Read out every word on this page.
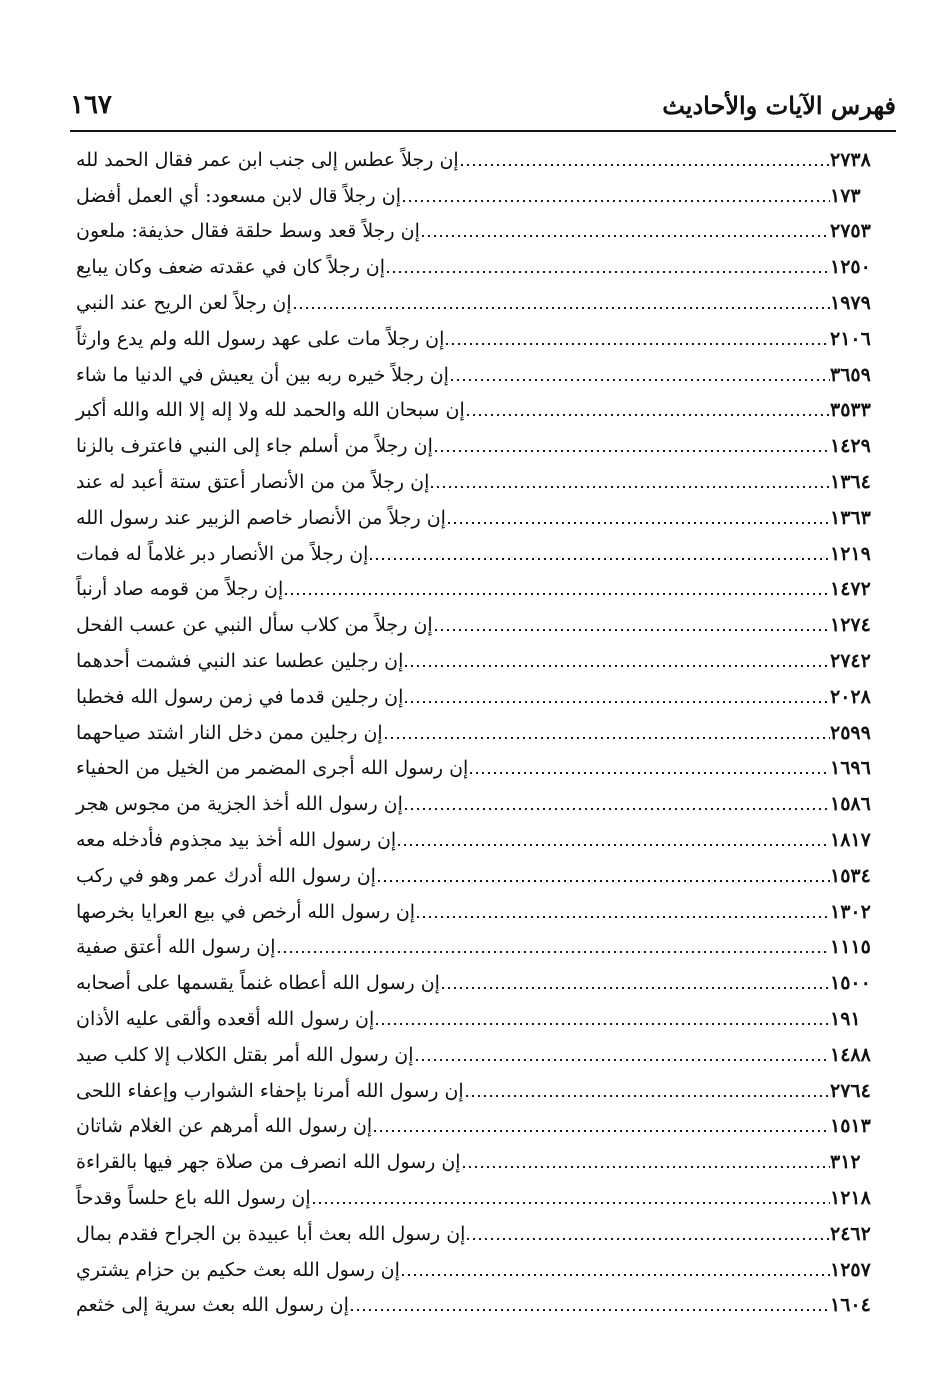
١٦٧	فهرس الآيات والأحاديث
إن رجلاً عطس إلى جنب ابن عمر فقال الحمد لله	٢٧٣٨
إن رجلاً قال لابن مسعود: أي العمل أفضل	١٧٣
إن رجلاً قعد وسط حلقة فقال حذيفة: ملعون	٢٧٥٣
إن رجلاً كان في عقدته ضعف وكان يبايع	١٢٥٠
إن رجلاً لعن الريح عند النبي	١٩٧٩
إن رجلاً مات على عهد رسول الله ولم يدع وارثاً	٢١٠٦
إن رجلاً خيره ربه بين أن يعيش في الدنيا ما شاء	٣٦٥٩
إن سبحان الله والحمد لله ولا إله إلا الله والله أكبر	٣٥٣٣
إن رجلاً من أسلم جاء إلى النبي فاعترف بالزنا	١٤٢٩
إن رجلاً من من الأنصار أعتق ستة أعبد له عند	١٣٦٤
إن رجلاً من الأنصار خاصم الزبير عند رسول الله	١٣٦٣
إن رجلاً من الأنصار دبر غلاماً له فمات	١٢١٩
إن رجلاً من قومه صاد أرنباً	١٤٧٢
إن رجلاً من كلاب سأل النبي عن عسب الفحل	١٢٧٤
إن رجلين عطسا عند النبي فشمت أحدهما	٢٧٤٢
إن رجلين قدما في زمن رسول الله فخطبا	٢٠٢٨
إن رجلين ممن دخل النار اشتد صياحهما	٢٥٩٩
إن رسول الله أجرى المضمر من الخيل من الحفياء	١٦٩٦
إن رسول الله أخذ الجزية من مجوس هجر	١٥٨٦
إن رسول الله أخذ بيد مجذوم فأدخله معه	١٨١٧
إن رسول الله أدرك عمر وهو في ركب	١٥٣٤
إن رسول الله أرخص في بيع العرايا بخرصها	١٣٠٢
إن رسول الله أعتق صفية	١١١٥
إن رسول الله أعطاه غنماً يقسمها على أصحابه	١٥٠٠
إن رسول الله أقعده وألقى عليه الأذان	١٩١
إن رسول الله أمر بقتل الكلاب إلا كلب صيد	١٤٨٨
إن رسول الله أمرنا بإحفاء الشوارب وإعفاء اللحى	٢٧٦٤
إن رسول الله أمرهم عن الغلام شاتان	١٥١٣
إن رسول الله انصرف من صلاة جهر فيها بالقراءة	٣١٢
إن رسول الله باع حلساً وقدحاً	١٢١٨
إن رسول الله بعث أبا عبيدة بن الجراح فقدم بمال	٢٤٦٢
إن رسول الله بعث حكيم بن حزام يشتري	١٢٥٧
إن رسول الله بعث سرية إلى خثعم	١٦٠٤
